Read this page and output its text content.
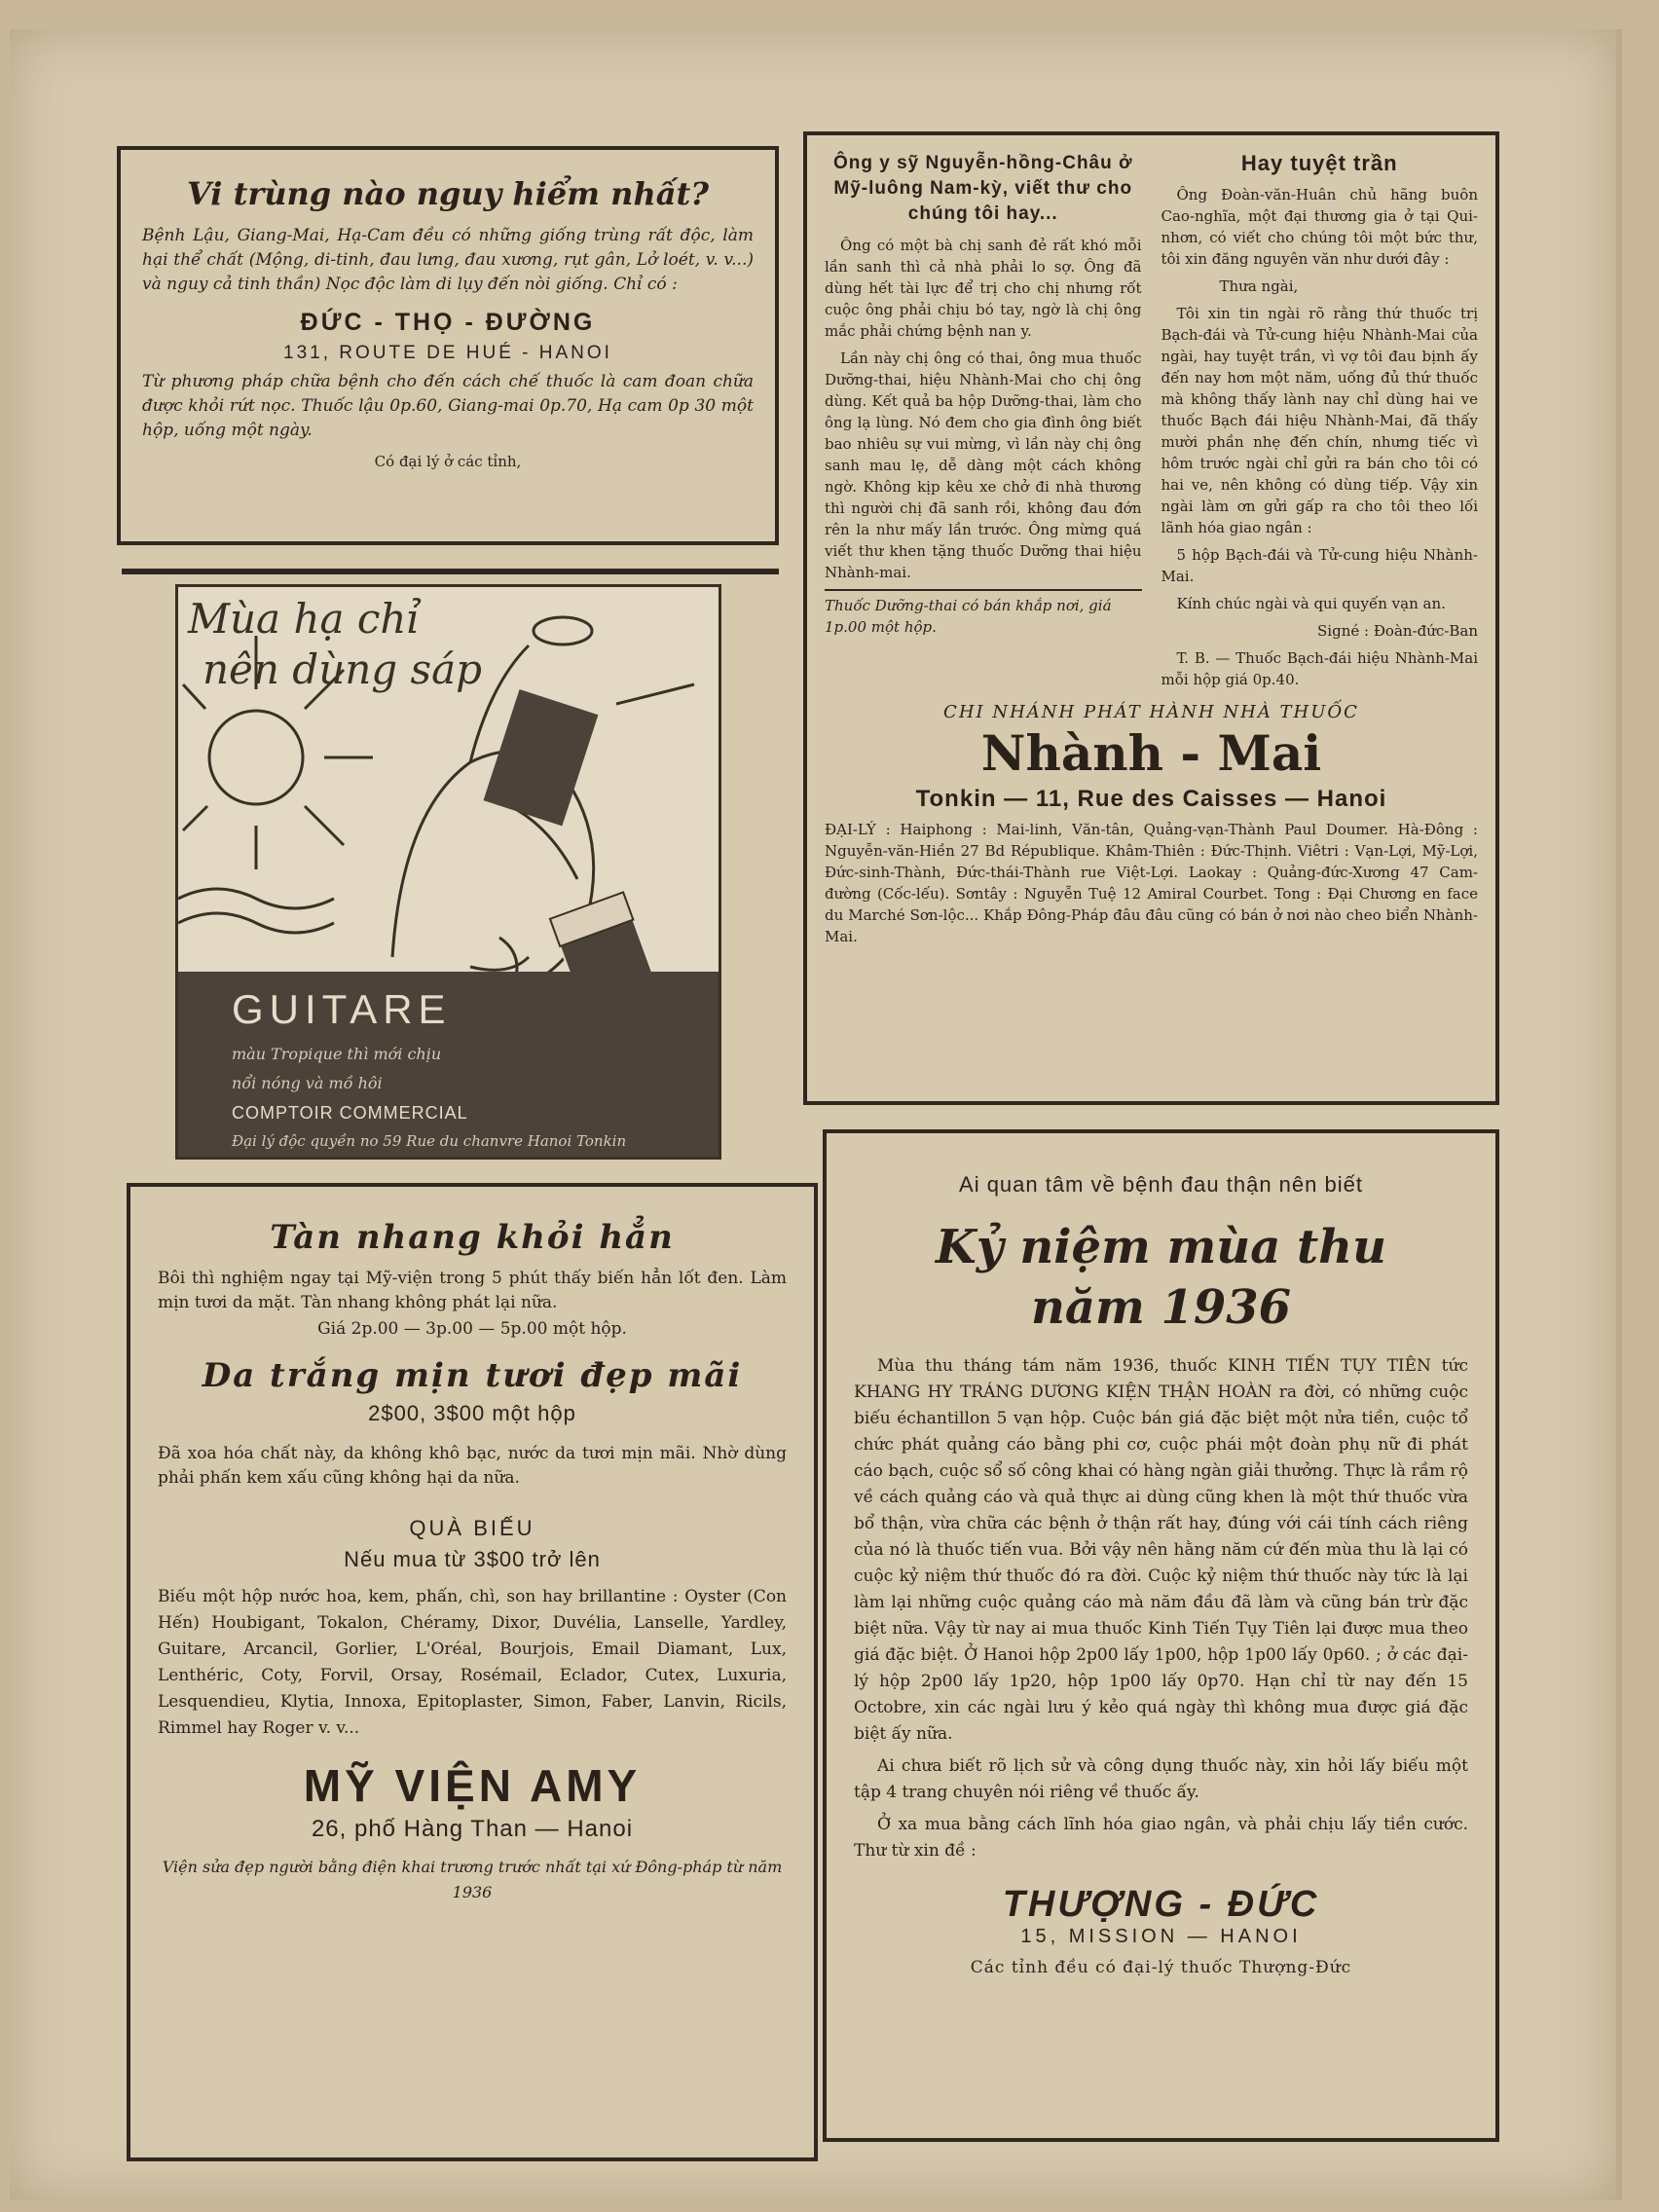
Vi trùng nào nguy hiểm nhất?

Bệnh Lậu, Giang-Mai, Hạ-Cam đều có những giống trùng rất độc, làm hại thể chất (Mộng, di-tinh, đau lưng, đau xương, rụt gân, Lở loét, v. v...) và nguy cả tinh thần) Nọc độc làm di lụy đến nòi giống. Chỉ có :

ĐỨC - THỌ - ĐƯỜNG
131, ROUTE DE HUÉ - HANOI

Từ phương pháp chữa bệnh cho đến cách chế thuốc là cam đoan chữa được khỏi rứt nọc. Thuốc lậu 0p.60, Giang-mai 0p.70, Hạ cam 0p 30 một hộp, uống một ngày.

Có đại lý ở các tỉnh,
Mùa hạ chỉ
nên dùng sáp
GUITARE
màu Tropique thì mới chịu
nổi nóng và mồ hôi
COMPTOIR COMMERCIAL
Đại lý độc quyền no 59 Rue du chanvre Hanoi Tonkin
Ông y sỹ Nguyễn-hồng-Châu ở Mỹ-luông Nam-kỳ, viết thư cho chúng tôi hay...

Ông có một bà chị sanh đẻ rất khó mỗi lần sanh thì cả nhà phải lo sợ. Ông đã dùng hết tài lực để trị cho chị nhưng rốt cuộc ông phải chịu bó tay, ngờ là chị ông mắc phải chứng bệnh nan y.

Lần này chị ông có thai, ông mua thuốc Dưỡng-thai, hiệu Nhành-Mai cho chị ông dùng. Kết quả ba hộp Dưỡng-thai, làm cho ông lạ lùng. Nó đem cho gia đình ông biết bao nhiêu sự vui mừng, vì lần này chị ông sanh mau lẹ, dễ dàng một cách không ngờ. Không kịp kêu xe chở đi nhà thương thì người chị đã sanh rồi, không đau đớn rên la như mấy lần trước. Ông mừng quá viết thư khen tặng thuốc Dưỡng thai hiệu Nhành-mai.

Thuốc Dưỡng-thai có bán khắp nơi, giá 1p.00 một hộp.
Hay tuyệt trần

Ông Đoàn-văn-Huân chủ hãng buôn Cao-nghĩa, một đại thương gia ở tại Qui-nhơn, có viết cho chúng tôi một bức thư, tôi xin đăng nguyên văn như dưới đây :

Thưa ngài,

Tôi xin tin ngài rõ rằng thứ thuốc trị Bạch-đái và Tử-cung hiệu Nhành-Mai của ngài, hay tuyệt trần, vì vợ tôi đau bịnh ấy đến nay hơn một năm, uống đủ thứ thuốc mà không thấy lành nay chỉ dùng hai ve thuốc Bạch đái hiệu Nhành-Mai, đã thấy mười phần nhẹ đến chín, nhưng tiếc vì hôm trước ngài chỉ gửi ra bán cho tôi có hai ve, nên không có dùng tiếp. Vậy xin ngài làm ơn gửi gấp ra cho tôi theo lối lãnh hóa giao ngân :

5 hộp Bạch-đái và Tử-cung hiệu Nhành-Mai.

Kính chúc ngài và qui quyến vạn an.

Signé : Đoàn-đức-Ban

T. B. — Thuốc Bạch-đái hiệu Nhành-Mai mỗi hộp giá 0p.40.

CHI NHÁNH PHÁT HÀNH NHÀ THUỐC
Nhành - Mai
Tonkin — 11, Rue des Caisses — Hanoi
ĐẠI-LÝ : Haiphong : Mai-linh, Văn-tân, Quảng-vạn-Thành Paul Doumer. Hà-Đông : Nguyễn-văn-Hiền 27 Bd République. Khâm-Thiên : Đức-Thịnh. Viêtri : Vạn-Lợi, Mỹ-Lợi, Đức-sinh-Thành, Đức-thái-Thành rue Việt-Lợi. Laokay : Quảng-đức-Xương 47 Cam-đường (Cốc-lếu). Sơntây : Nguyễn Tuệ 12 Amiral Courbet. Tong : Đại Chương en face du Marché Sơn-lộc... Khắp Đông-Pháp đâu đâu cũng có bán ở nơi nào cheo biển Nhành-Mai.
Tàn nhang khỏi hẳn

Bôi thì nghiệm ngay tại Mỹ-viện trong 5 phút thấy biến hẳn lốt đen. Làm mịn tươi da mặt. Tàn nhang không phát lại nữa.

Giá 2p.00 — 3p.00 — 5p.00 một hộp.
Da trắng mịn tươi đẹp mãi
2$00, 3$00 một hộp

Đã xoa hóa chất này, da không khô bạc, nước da tươi mịn mãi. Nhờ dùng phải phấn kem xấu cũng không hại da nữa.

QUÀ BIẾU
Nếu mua từ 3$00 trở lên

Biếu một hộp nước hoa, kem, phấn, chì, son hay brillantine : Oyster (Con Hến) Houbigant, Tokalon, Chéramy, Dixor, Duvélia, Lanselle, Yardley, Guitare, Arcancil, Gorlier, L'Oréal, Bourjois, Email Diamant, Lux, Lenthéric, Coty, Forvil, Orsay, Rosémail, Eclador, Cutex, Luxuria, Lesquendieu, Klytia, Innoxa, Epitoplaster, Simon, Faber, Lanvin, Ricils, Rimmel hay Roger v. v...

MỸ VIỆN AMY
26, phố Hàng Than — Hanoi
Viện sửa đẹp người bằng điện khai trương trước nhất tại xứ Đông-pháp từ năm 1936
Ai quan tâm về bệnh đau thận nên biết
Kỷ niệm mùa thu
năm 1936

Mùa thu tháng tám năm 1936, thuốc KINH TIẾN TỤY TIÊN tức KHANG HY TRÁNG DƯƠNG KIỆN THẬN HOÀN ra đời, có những cuộc biếu échantillon 5 vạn hộp. Cuộc bán giá đặc biệt một nửa tiền, cuộc tổ chức phát quảng cáo bằng phi cơ, cuộc phái một đoàn phụ nữ đi phát cáo bạch, cuộc sổ số công khai có hàng ngàn giải thưởng. Thực là rầm rộ về cách quảng cáo và quả thực ai dùng cũng khen là một thứ thuốc vừa bổ thận, vừa chữa các bệnh ở thận rất hay, đúng với cái tính cách riêng của nó là thuốc tiến vua. Bởi vậy nên hằng năm cứ đến mùa thu là lại có cuộc kỷ niệm thứ thuốc đó ra đời. Cuộc kỷ niệm thứ thuốc này tức là lại làm lại những cuộc quảng cáo mà năm đầu đã làm và cũng bán trừ đặc biệt nữa. Vậy từ nay ai mua thuốc Kinh Tiến Tụy Tiên lại được mua theo giá đặc biệt. Ở Hanoi hộp 2p00 lấy 1p00, hộp 1p00 lấy 0p60. ; ở các đại-lý hộp 2p00 lấy 1p20, hộp 1p00 lấy 0p70. Hạn chỉ từ nay đến 15 Octobre, xin các ngài lưu ý kẻo quá ngày thì không mua được giá đặc biệt ấy nữa.

Ai chưa biết rõ lịch sử và công dụng thuốc này, xin hỏi lấy biếu một tập 4 trang chuyên nói riêng về thuốc ấy.

Ở xa mua bằng cách lĩnh hóa giao ngân, và phải chịu lấy tiền cước. Thư từ xin đề :

THƯỢNG - ĐỨC
15, MISSION — HANOI
Các tỉnh đều có đại-lý thuốc Thượng-Đức
